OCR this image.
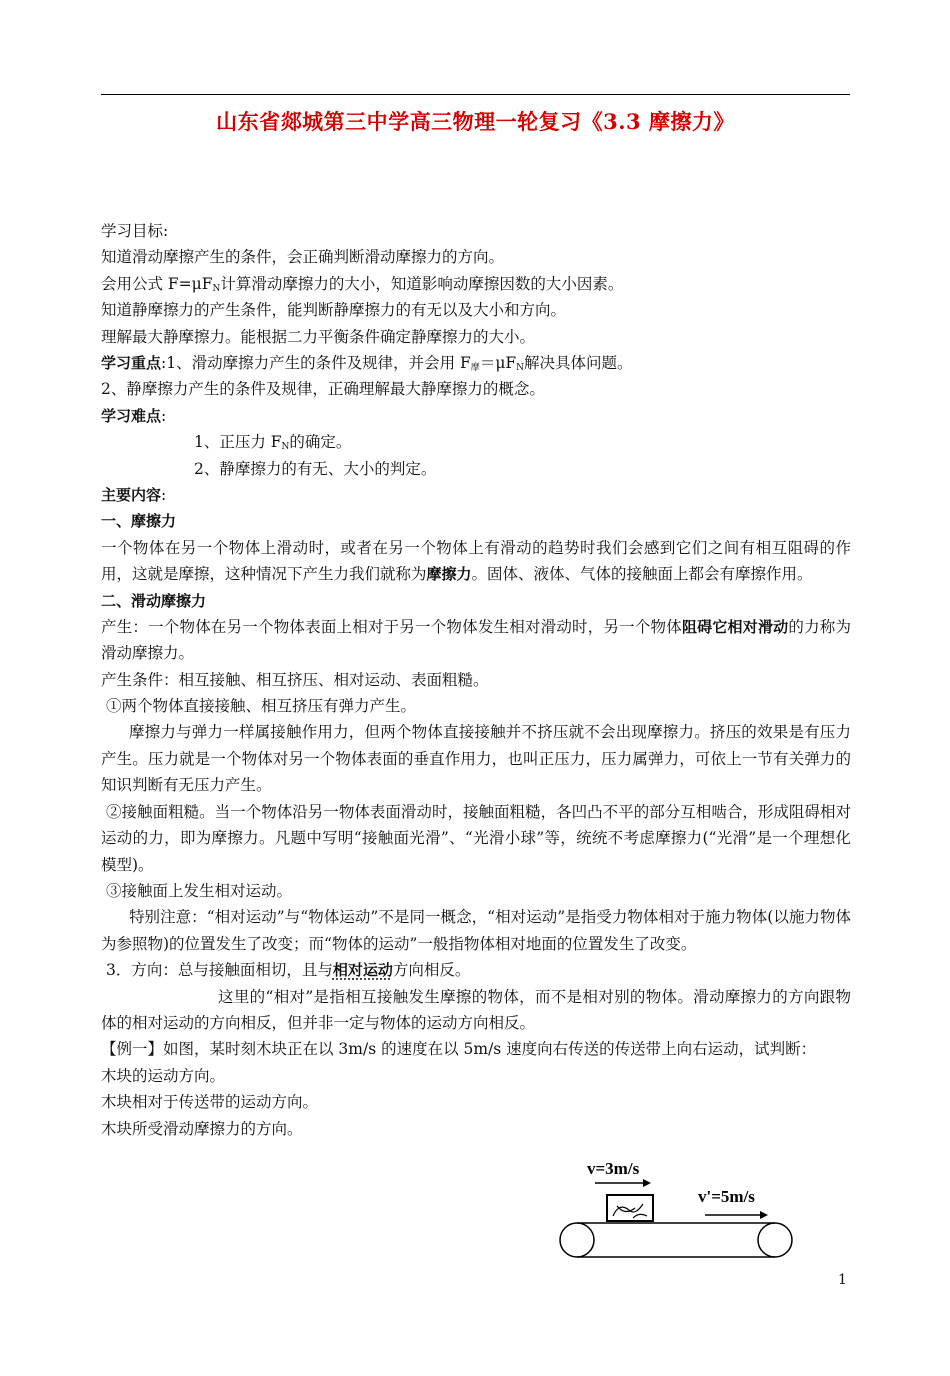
山东省郯城第三中学高三物理一轮复习《3.3 摩擦力》
学习目标:
知道滑动摩擦产生的条件，会正确判断滑动摩擦力的方向。
会用公式 $F=\mu F_N$计算滑动摩擦力的大小，知道影响动摩擦因数的大小因素。
知道静摩擦力的产生条件，能判断静摩擦力的有无以及大小和方向。
理解最大静摩擦力。能根据二力平衡条件确定静摩擦力的大小。
学习重点:1、滑动摩擦力产生的条件及规律，并会用 $F_摩=\mu F_N$解决具体问题。
2、静摩擦力产生的条件及规律，正确理解最大静摩擦力的概念。
学习难点:
1、正压力 $F_N$的确定。
2、静摩擦力的有无、大小的判定。
主要内容:
一、摩擦力

一个物体在另一个物体上滑动时，或者在另一个物体上有滑动的趋势时我们会感到它们之间有相互阻碍的作用，这就是摩擦，这种情况下产生力我们就称为摩擦力。固体、液体、气体的接触面上都会有摩擦作用。

二、滑动摩擦力

产生：一个物体在另一个物体表面上相对于另一个物体发生相对滑动时，另一个物体阻碍它相对滑动的力称为滑动摩擦力。

产生条件：相互接触、相互挤压、相对运动、表面粗糙。
①两个物体直接接触、相互挤压有弹力产生。

摩擦力与弹力一样属接触作用力，但两个物体直接接触并不挤压就不会出现摩擦力。挤压的效果是有压力产生。压力就是一个物体对另一个物体表面的垂直作用力，也叫正压力，压力属弹力，可依上一节有关弹力的知识判断有无压力产生。

②接触面粗糙。当一个物体沿另一物体表面滑动时，接触面粗糙，各凹凸不平的部分互相啮合，形成阻碍相对运动的力，即为摩擦力。凡题中写明“接触面光滑”、“光滑小球”等，统统不考虑摩擦力(“光滑”是一个理想化模型)。

③接触面上发生相对运动。

特别注意：“相对运动”与“物体运动”不是同一概念，“相对运动”是指受力物体相对于施力物体(以施力物体为参照物)的位置发生了改变；而“物体的运动”一般指物体相对地面的位置发生了改变。

3．方向：总与接触面相切，且与相对运动方向相反。

这里的“相对”是指相互接触发生摩擦的物体，而不是相对别的物体。滑动摩擦力的方向跟物体的相对运动的方向相反，但并非一定与物体的运动方向相反。

【例一】如图，某时刻木块正在以 3m/s 的速度在以 5m/s 速度向右传送的传送带上向右运动，试判断：

木块的运动方向。
木块相对于传送带的运动方向。
木块所受滑动摩擦力的方向。
v=3m/s
v'=5m/s
1
